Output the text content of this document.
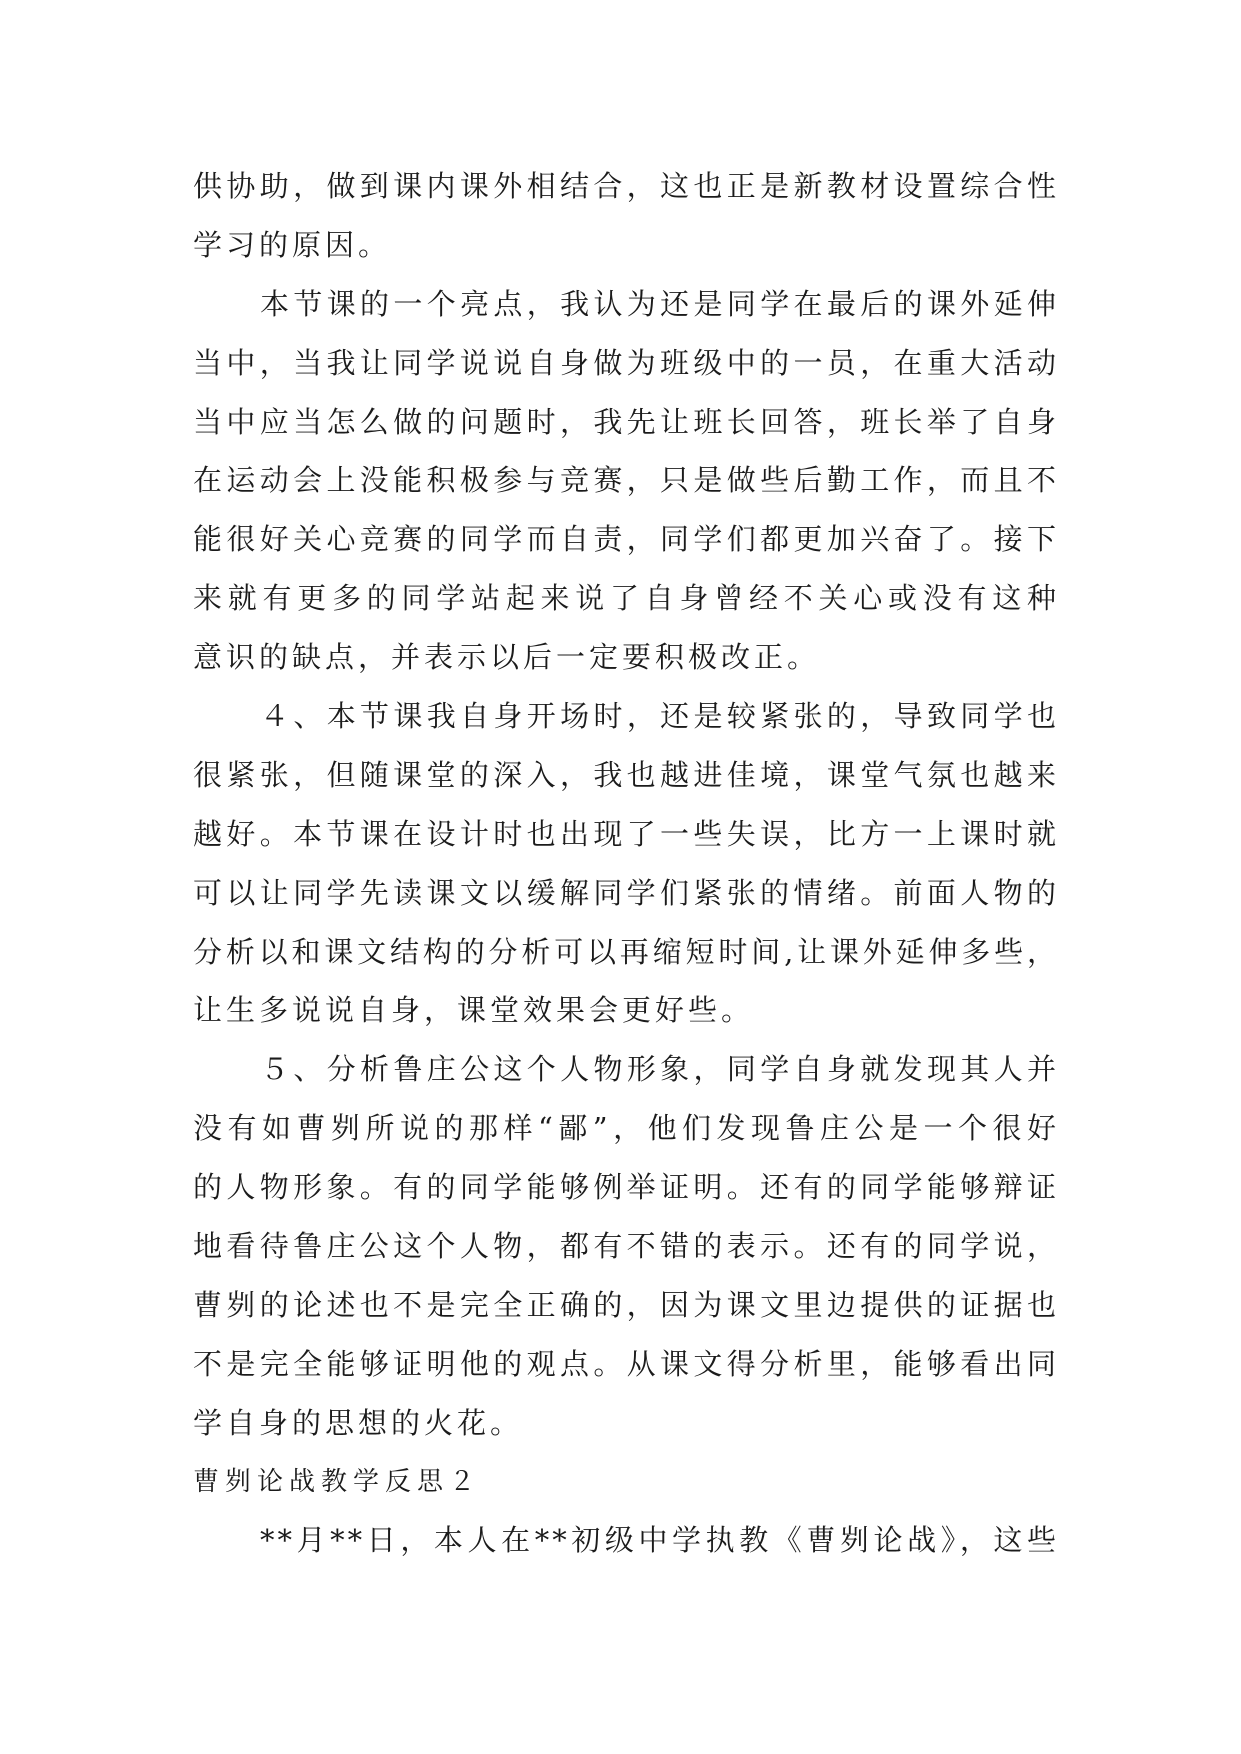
供协助，做到课内课外相结合，这也正是新教材设置综合性
学习的原因。
本节课的一个亮点，我认为还是同学在最后的课外延伸
当中，当我让同学说说自身做为班级中的一员，在重大活动
当中应当怎么做的问题时，我先让班长回答，班长举了自身
在运动会上没能积极参与竞赛，只是做些后勤工作，而且不
能很好关心竞赛的同学而自责，同学们都更加兴奋了。接下
来就有更多的同学站起来说了自身曾经不关心或没有这种
意识的缺点，并表示以后一定要积极改正。
４、本节课我自身开场时，还是较紧张的，导致同学也
很紧张，但随课堂的深入，我也越进佳境，课堂气氛也越来
越好。本节课在设计时也出现了一些失误，比方一上课时就
可以让同学先读课文以缓解同学们紧张的情绪。前面人物的
分析以和课文结构的分析可以再缩短时间,让课外延伸多些，
让生多说说自身，课堂效果会更好些。
５、分析鲁庄公这个人物形象，同学自身就发现其人并
没有如曹刿所说的那样“鄙”，他们发现鲁庄公是一个很好
的人物形象。有的同学能够例举证明。还有的同学能够辩证
地看待鲁庄公这个人物，都有不错的表示。还有的同学说，
曹刿的论述也不是完全正确的，因为课文里边提供的证据也
不是完全能够证明他的观点。从课文得分析里，能够看出同
学自身的思想的火花。
曹刿论战教学反思２
**月**日，本人在**初级中学执教《曹刿论战》，这些
